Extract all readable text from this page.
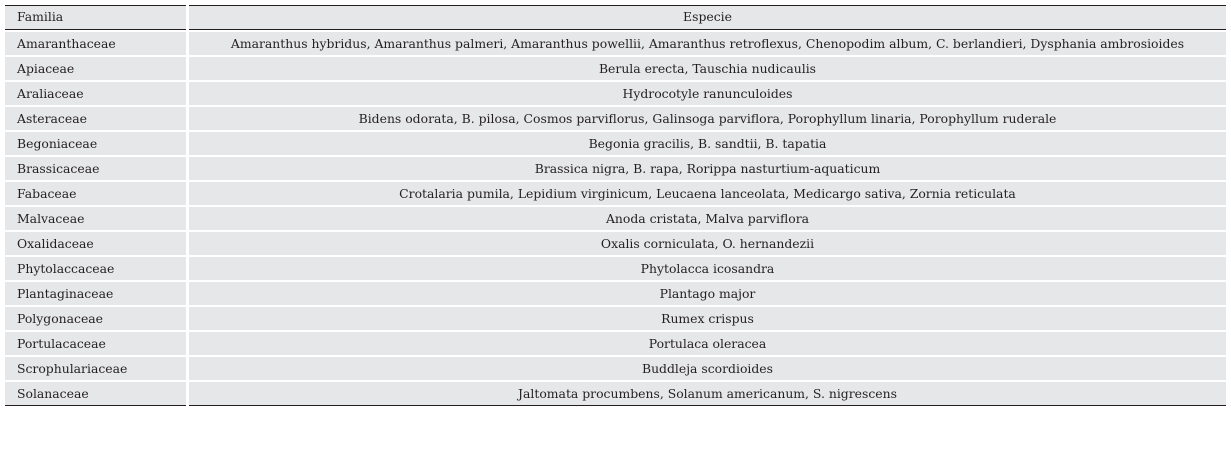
Familia	Especie
Amaranthaceae	Amaranthus hybridus, Amaranthus palmeri, Amaranthus powellii, Amaranthus retroflexus, Chenopodim album, C. berlandieri, Dysphania ambrosioides
Apiaceae	Berula erecta, Tauschia nudicaulis
Araliaceae	Hydrocotyle ranunculoides
Asteraceae	Bidens odorata, B. pilosa, Cosmos parviflorus, Galinsoga parviflora, Porophyllum linaria, Porophyllum ruderale
Begoniaceae	Begonia gracilis, B. sandtii, B. tapatia
Brassicaceae	Brassica nigra, B. rapa, Rorippa nasturtium-aquaticum
Fabaceae	Crotalaria pumila, Lepidium virginicum, Leucaena lanceolata, Medicargo sativa, Zornia reticulata
Malvaceae	Anoda cristata, Malva parviflora
Oxalidaceae	Oxalis corniculata, O. hernandezii
Phytolaccaceae	Phytolacca icosandra
Plantaginaceae	Plantago major
Polygonaceae	Rumex crispus
Portulacaceae	Portulaca oleracea
Scrophulariaceae	Buddleja scordioides
Solanaceae	Jaltomata procumbens, Solanum americanum, S. nigrescens
